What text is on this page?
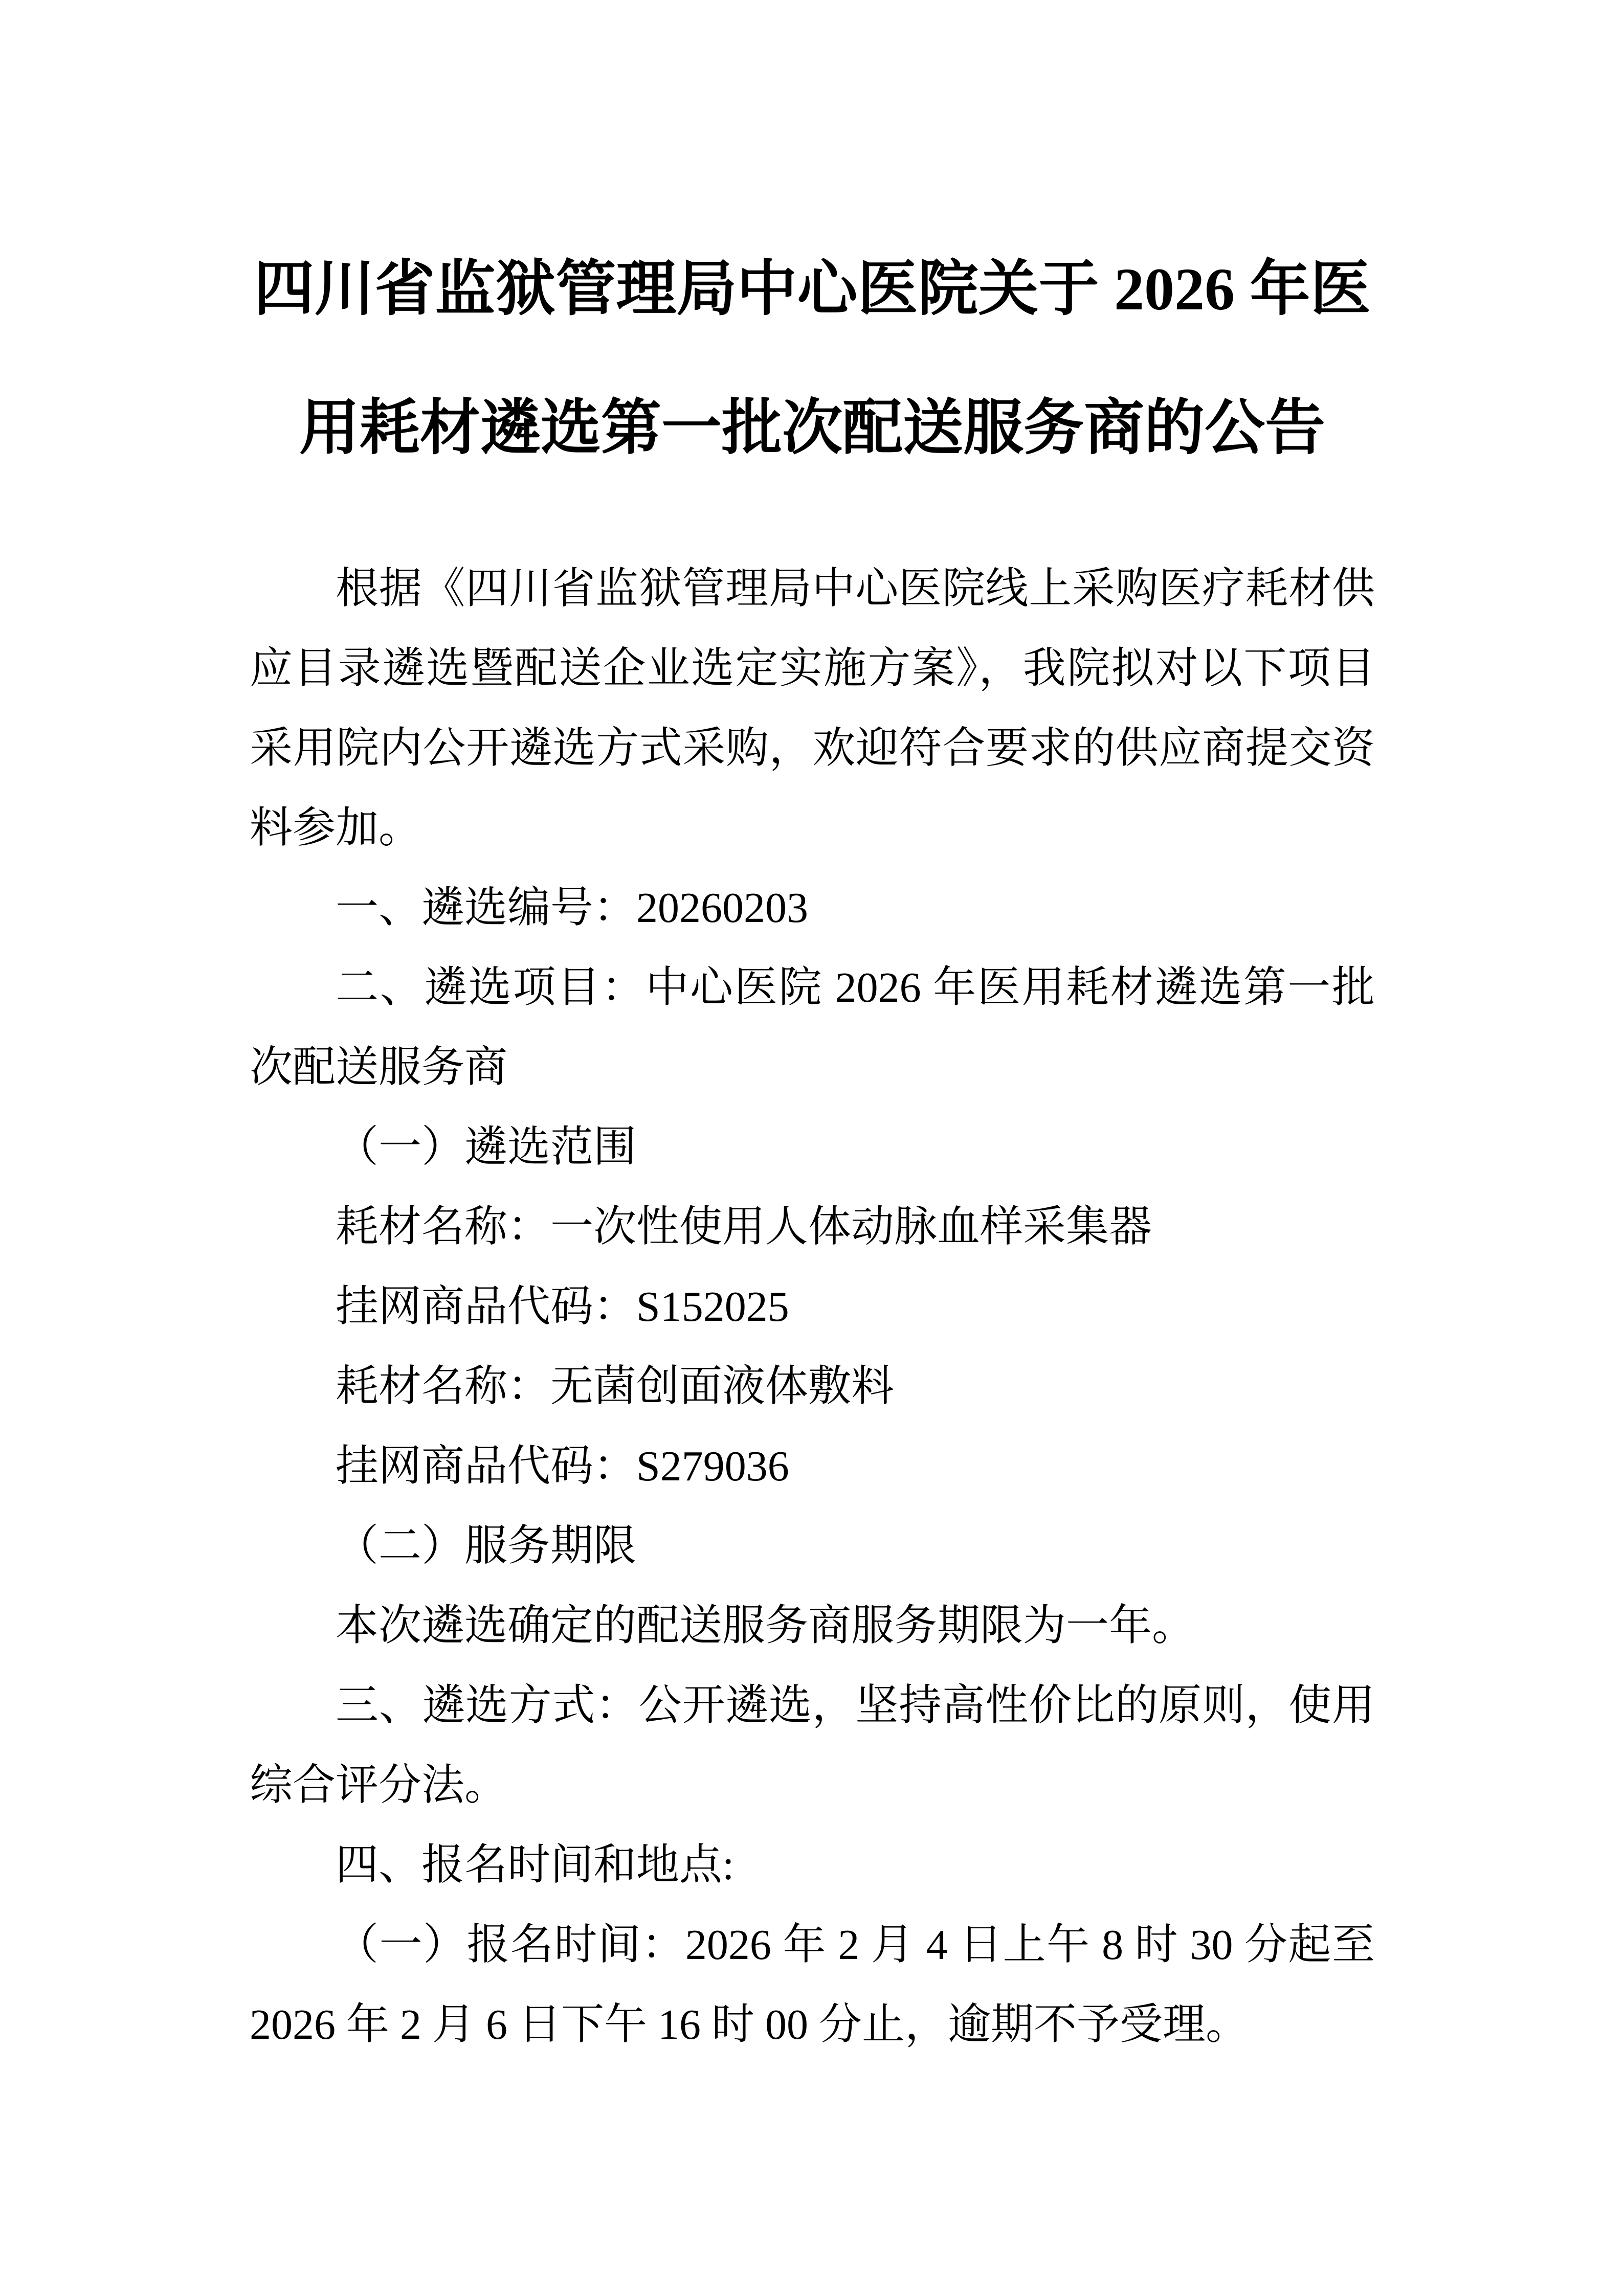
四川省监狱管理局中心医院关于 2026 年医
用耗材遴选第一批次配送服务商的公告
根据《四川省监狱管理局中心医院线上采购医疗耗材供
应目录遴选暨配送企业选定实施方案》，我院拟对以下项目
采用院内公开遴选方式采购，欢迎符合要求的供应商提交资
料参加。
一、遴选编号：20260203
二、遴选项目：中心医院 2026 年医用耗材遴选第一批
次配送服务商
（一）遴选范围
耗材名称：一次性使用人体动脉血样采集器
挂网商品代码：S152025
耗材名称：无菌创面液体敷料
挂网商品代码：S279036
（二）服务期限
本次遴选确定的配送服务商服务期限为一年。
三、遴选方式：公开遴选，坚持高性价比的原则，使用
综合评分法。
四、报名时间和地点:
（一）报名时间：2026 年 2 月 4 日上午 8 时 30 分起至
2026 年 2 月 6 日下午 16 时 00 分止，逾期不予受理。
